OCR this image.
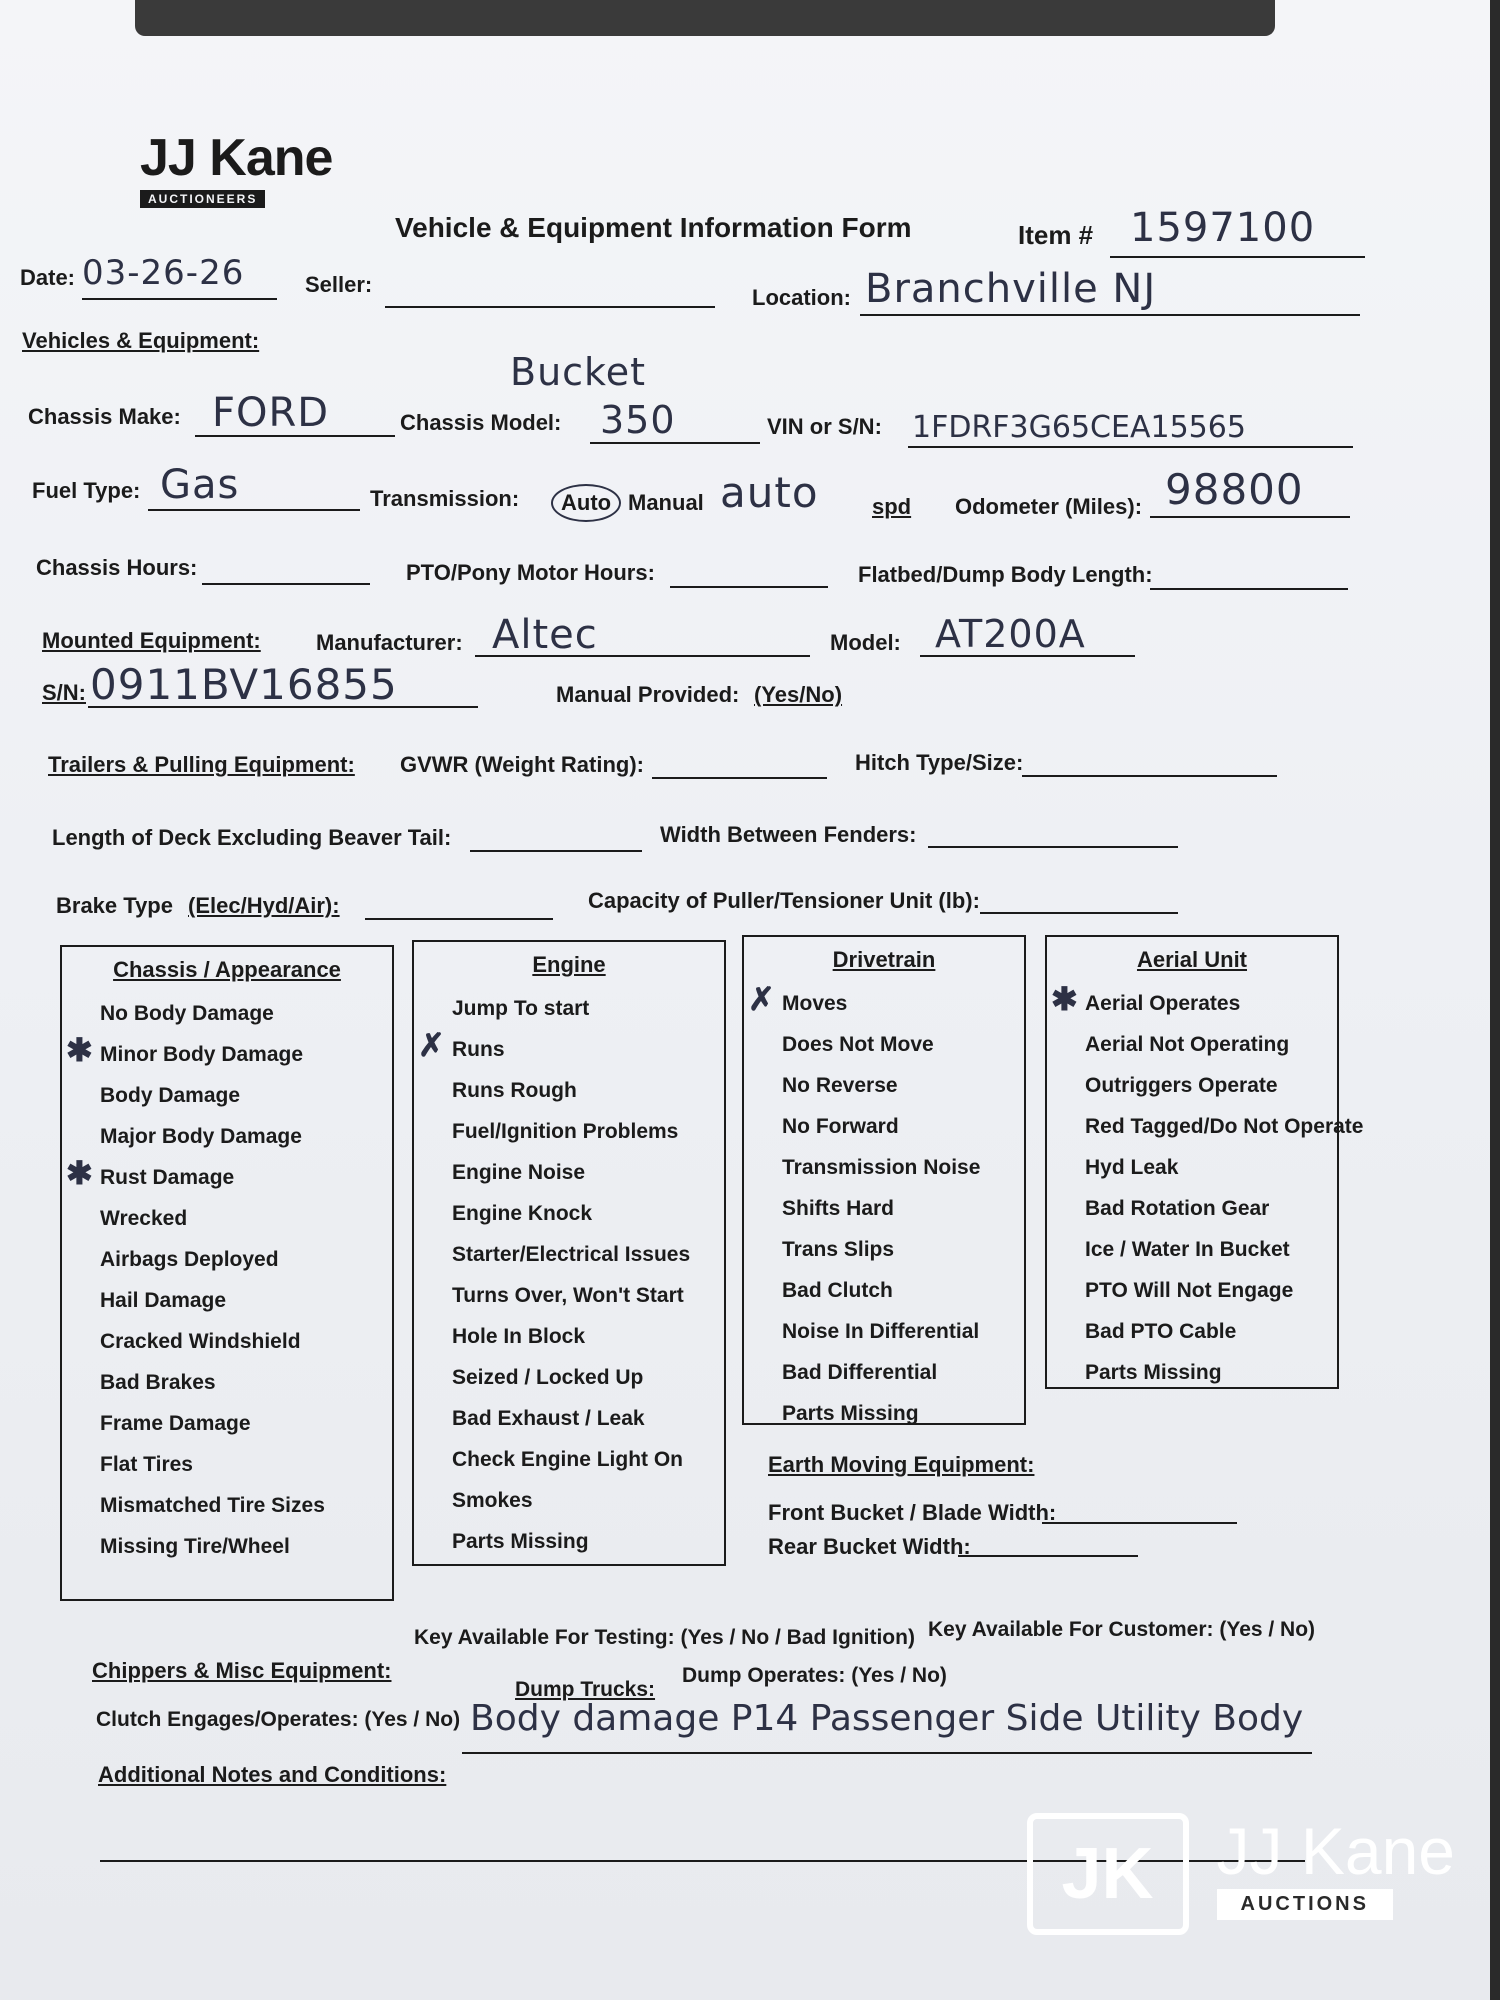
JJ Kane
AUCTIONEERS
Vehicle & Equipment Information Form	Item # 1597100
Date: 03-26-26	Seller:
Location: Branchville NJ
Vehicles & Equipment:
Bucket
Chassis Make: FORD	Chassis Model: 350	VIN or S/N: 1FDRF3G65CEA15565
Fuel Type: Gas	Transmission:	Auto Manual auto spd Odometer (Miles): 98800
Chassis Hours:	PTO/Pony Motor Hours:	Flatbed/Dump Body Length:
Mounted Equipment:	Manufacturer: Altec	Model: AT200A
S/N: 0911BV16855	Manual Provided: (Yes/No)
Trailers & Pulling Equipment: GVWR (Weight Rating):	Hitch Type/Size:
Length of Deck Excluding Beaver Tail:	Width Between Fenders:
Brake Type (Elec/Hyd/Air):	Capacity of Puller/Tensioner Unit (lb):
Chassis / Appearance
No Body Damage
✱ Minor Body Damage
Body Damage
Major Body Damage
✱ Rust Damage
Wrecked
Airbags Deployed
Hail Damage
Cracked Windshield
Bad Brakes
Frame Damage
Flat Tires
Mismatched Tire Sizes
Missing Tire/Wheel
Engine
Jump To start
✗ Runs
Runs Rough
Fuel/Ignition Problems
Engine Noise
Engine Knock
Starter/Electrical Issues
Turns Over, Won't Start
Hole In Block
Seized / Locked Up
Bad Exhaust / Leak
Check Engine Light On
Smokes
Parts Missing
Drivetrain
✗ Moves
Does Not Move
No Reverse
No Forward
Transmission Noise
Shifts Hard
Trans Slips
Bad Clutch
Noise In Differential
Bad Differential
Parts Missing
Aerial Unit
✱ Aerial Operates
Aerial Not Operating
Outriggers Operate
Red Tagged/Do Not Operate
Hyd Leak
Bad Rotation Gear
Ice / Water In Bucket
PTO Will Not Engage
Bad PTO Cable
Parts Missing
Earth Moving Equipment:
Front Bucket / Blade Width:
Rear Bucket Width:
Chippers & Misc Equipment:
Key Available For Testing: (Yes / No / Bad Ignition) Key Available For Customer: (Yes / No)
Clutch Engages/Operates: (Yes / No)
Dump Trucks:
Dump Operates: (Yes / No)
Additional Notes and Conditions:
Body damage P14 Passenger Side Utility Body
JK JJ Kane
AUCTIONS
